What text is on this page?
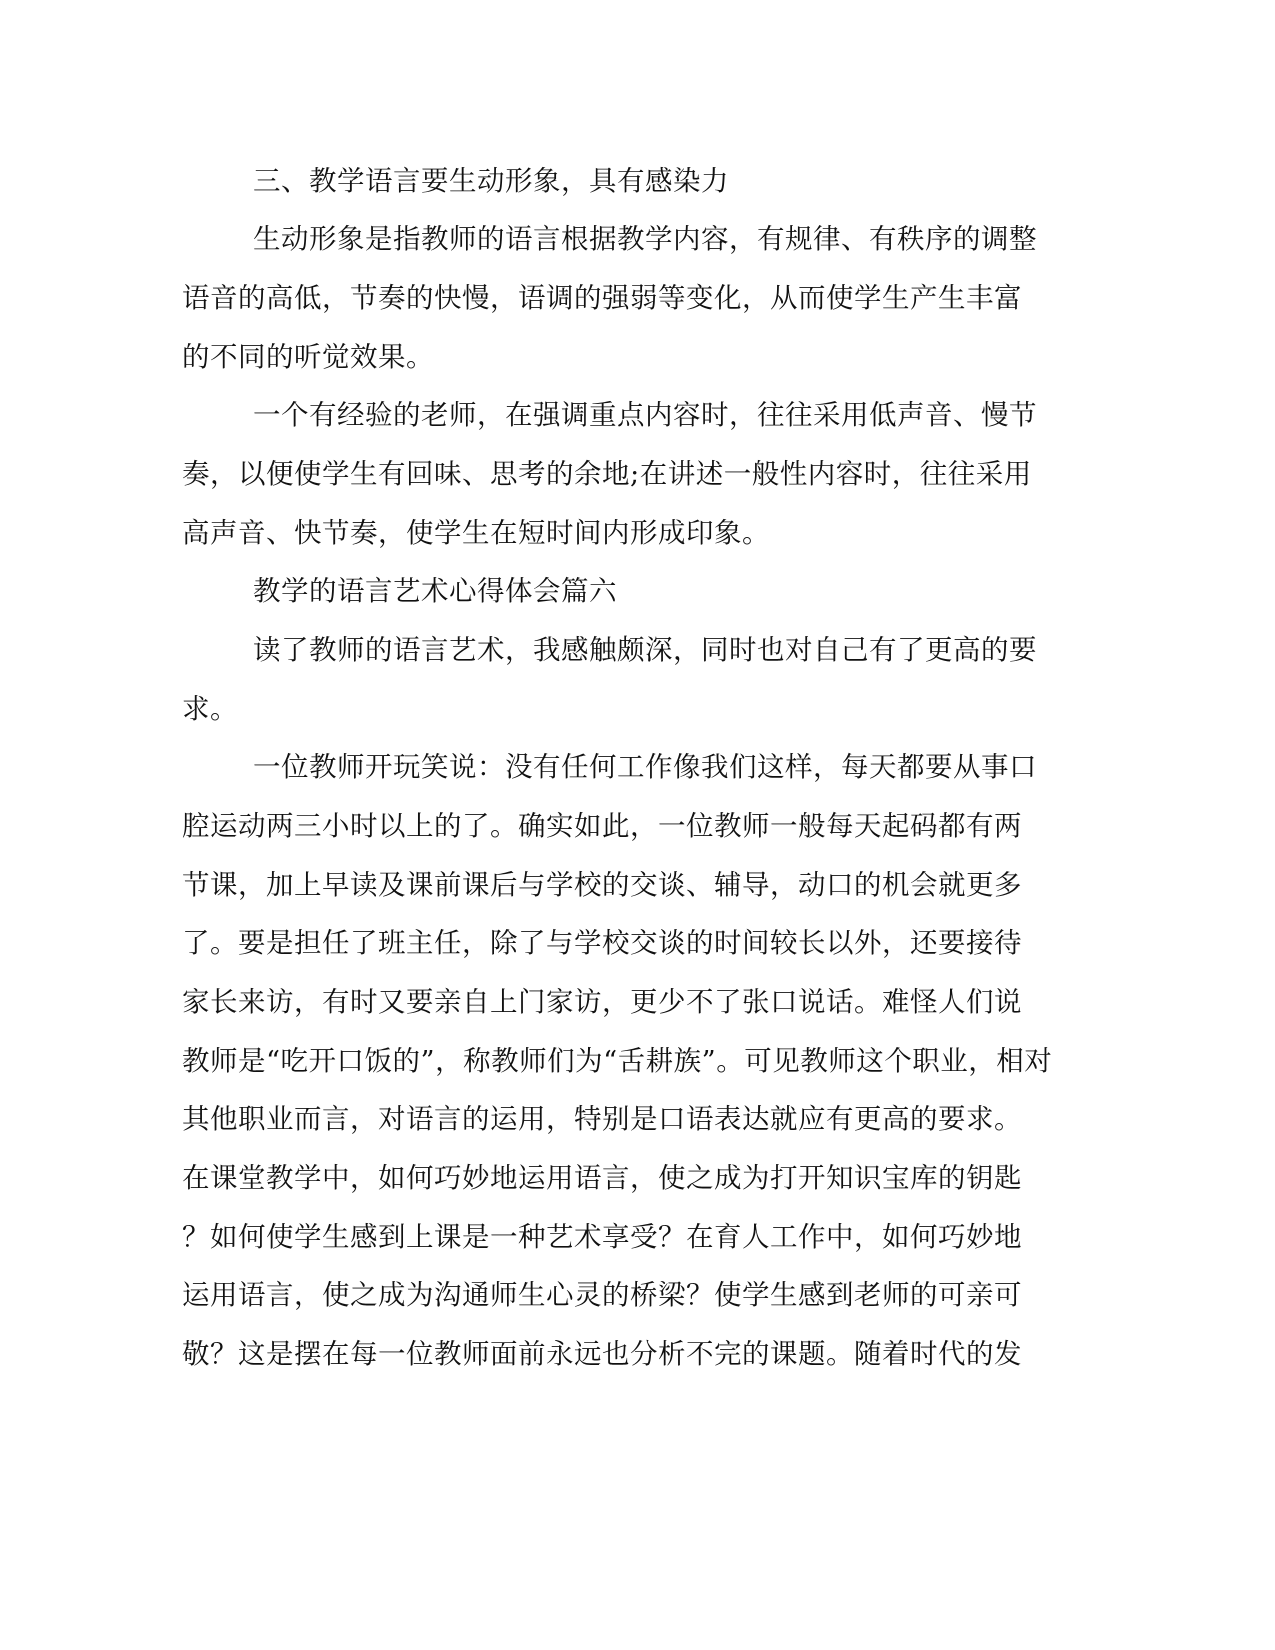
三、教学语言要生动形象，具有感染力
生动形象是指教师的语言根据教学内容，有规律、有秩序的调整
语音的高低，节奏的快慢，语调的强弱等变化，从而使学生产生丰富
的不同的听觉效果。
一个有经验的老师，在强调重点内容时，往往采用低声音、慢节
奏，以便使学生有回味、思考的余地;在讲述一般性内容时，往往采用
高声音、快节奏，使学生在短时间内形成印象。
教学的语言艺术心得体会篇六
读了教师的语言艺术，我感触颇深，同时也对自己有了更高的要
求。
一位教师开玩笑说：没有任何工作像我们这样，每天都要从事口
腔运动两三小时以上的了。确实如此，一位教师一般每天起码都有两
节课，加上早读及课前课后与学校的交谈、辅导，动口的机会就更多
了。要是担任了班主任，除了与学校交谈的时间较长以外，还要接待
家长来访，有时又要亲自上门家访，更少不了张口说话。难怪人们说
教师是“吃开口饭的”，称教师们为“舌耕族”。可见教师这个职业，相对
其他职业而言，对语言的运用，特别是口语表达就应有更高的要求。
在课堂教学中，如何巧妙地运用语言，使之成为打开知识宝库的钥匙
？如何使学生感到上课是一种艺术享受？在育人工作中，如何巧妙地
运用语言，使之成为沟通师生心灵的桥梁？使学生感到老师的可亲可
敬？这是摆在每一位教师面前永远也分析不完的课题。随着时代的发
